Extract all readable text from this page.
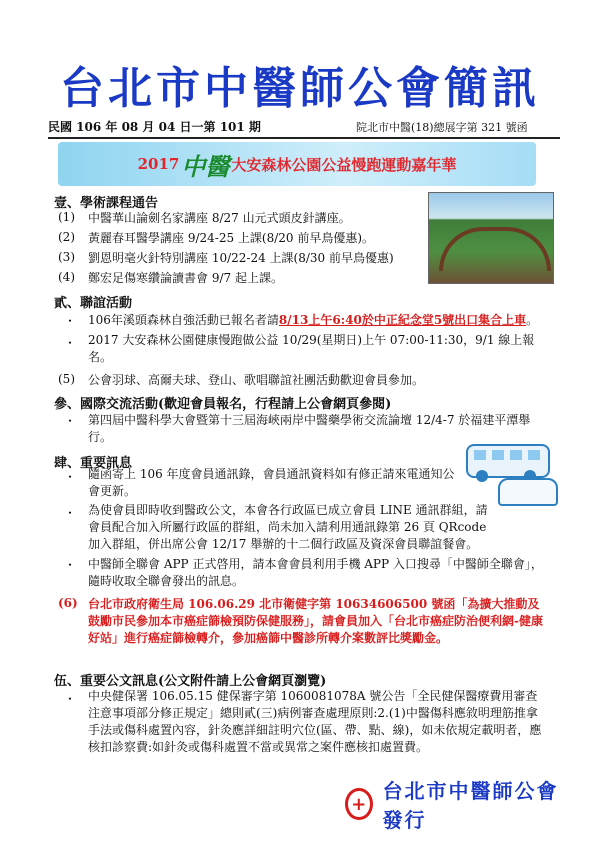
台北市中醫師公會簡訊
民國 106 年 08 月 04 日一第 101 期	院北市中醫(18)總展字第 321 號函
2017 中醫 大安森林公園公益慢跑運動嘉年華
壹、學術課程通告
(1) 中醫華山論劍名家講座 8/27 山元式頭皮針講座。
(2) 黃麗春耳醫學講座 9/24-25 上課(8/20 前早鳥優惠)。
(3) 劉恩明毫火針特別講座 10/22-24 上課(8/30 前早鳥優惠)
(4) 鄭宏足傷寒纘論讀書會 9/7 起上課。
貳、聯誼活動
・ 106年溪頭森林自強活動已報名者請8/13上午6:40於中正紀念堂5號出口集合上車。
・ 2017 大安森林公園健康慢跑做公益 10/29(星期日)上午 07:00-11:30，9/1 線上報名。
(5) 公會羽球、高爾夫球、登山、歌唱聯誼社團活動歡迎會員參加。
參、國際交流活動(歡迎會員報名，行程請上公會網頁參閱)
・ 第四屆中醫科學大會暨第十三屆海峽兩岸中醫藥學術交流論壇 12/4-7 於福建平潭舉行。
肆、重要訊息
・ 隨函寄上 106 年度會員通訊錄，會員通訊資料如有修正請來電通知公會更新。
・ 為使會員即時收到醫政公文，本會各行政區已成立會員 LINE 通訊群組，請會員配合加入所屬行政區的群組，尚未加入請利用通訊錄第 26 頁 QRcode 加入群組，併出席公會 12/17 舉辦的十二個行政區及資深會員聯誼餐會。
・ 中醫師全聯會 APP 正式啓用，請本會會員利用手機 APP 入口搜尋「中醫師全聯會」，隨時收取全聯會發出的訊息。
(6) 台北市政府衛生局 106.06.29 北市衛健字第 10634606500 號函「為擴大推動及鼓勵市民參加本市癌症篩檢預防保健服務」，請會員加入「台北市癌症防治便利網-健康好站」進行癌症篩檢轉介，參加癌篩中醫診所轉介案數評比獎勵金。
伍、重要公文訊息(公文附件請上公會網頁瀏覽)
・ 中央健保署 106.05.15 健保審字第 1060081078A 號公告「全民健保醫療費用審查注意事項部分修正規定」總則貳(三)病例審查處理原則:2.(1)中醫傷科應敘明理筋推拿手法或傷科處置內容，針灸應詳細註明穴位(區、帶、點、線)，如未依規定載明者，應核扣診察費:如針灸或傷科處置不當或異常之案件應核扣處置費。
+
台北市中醫師公會發行
